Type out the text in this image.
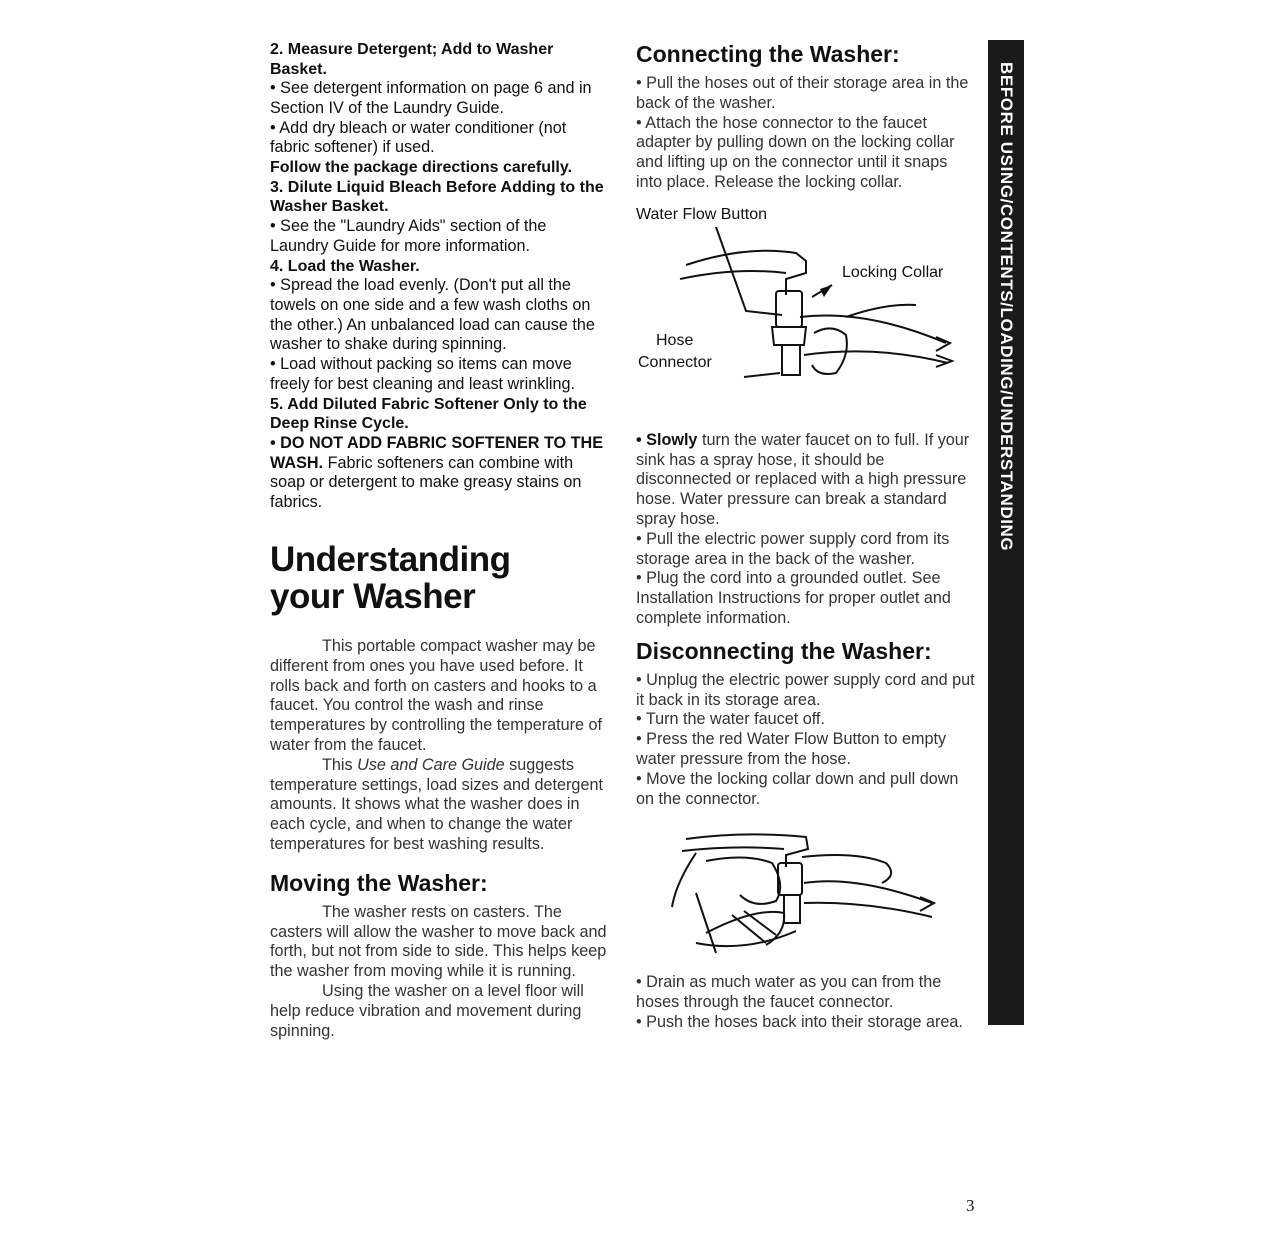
2. Measure Detergent; Add to Washer Basket.

• See detergent information on page 6 and in Section IV of the Laundry Guide.

• Add dry bleach or water conditioner (not fabric softener) if used.

Follow the package directions carefully.

3. Dilute Liquid Bleach Before Adding to the Washer Basket.

• See the "Laundry Aids" section of the Laundry Guide for more information.

4. Load the Washer.

• Spread the load evenly. (Don't put all the towels on one side and a few wash cloths on the other.) An unbalanced load can cause the washer to shake during spinning.

• Load without packing so items can move freely for best cleaning and least wrinkling.

5. Add Diluted Fabric Softener Only to the Deep Rinse Cycle.

• DO NOT ADD FABRIC SOFTENER TO THE WASH. Fabric softeners can combine with soap or detergent to make greasy stains on fabrics.

Understanding
your Washer

This portable compact washer may be different from ones you have used before. It rolls back and forth on casters and hooks to a faucet. You control the wash and rinse temperatures by controlling the temperature of water from the faucet.

This Use and Care Guide suggests temperature settings, load sizes and detergent amounts. It shows what the washer does in each cycle, and when to change the water temperatures for best washing results.

Moving the Washer:

The washer rests on casters. The casters will allow the washer to move back and forth, but not from side to side. This helps keep the washer from moving while it is running.

Using the washer on a level floor will help reduce vibration and movement during spinning.

Connecting the Washer:

• Pull the hoses out of their storage area in the back of the washer.

• Attach the hose connector to the faucet adapter by pulling down on the locking collar and lifting up on the connector until it snaps into place. Release the locking collar.

Water Flow Button
Locking Collar
Hose
Connector

• Slowly turn the water faucet on to full. If your sink has a spray hose, it should be disconnected or replaced with a high pressure hose. Water pressure can break a standard spray hose.

• Pull the electric power supply cord from its storage area in the back of the washer.

• Plug the cord into a grounded outlet. See Installation Instructions for proper outlet and complete information.

Disconnecting the Washer:

• Unplug the electric power supply cord and put it back in its storage area.

• Turn the water faucet off.

• Press the red Water Flow Button to empty water pressure from the hose.

• Move the locking collar down and pull down on the connector.

• Drain as much water as you can from the hoses through the faucet connector.

• Push the hoses back into their storage area.

BEFORE USING/CONTENTS/LOADING/UNDERSTANDING
3
